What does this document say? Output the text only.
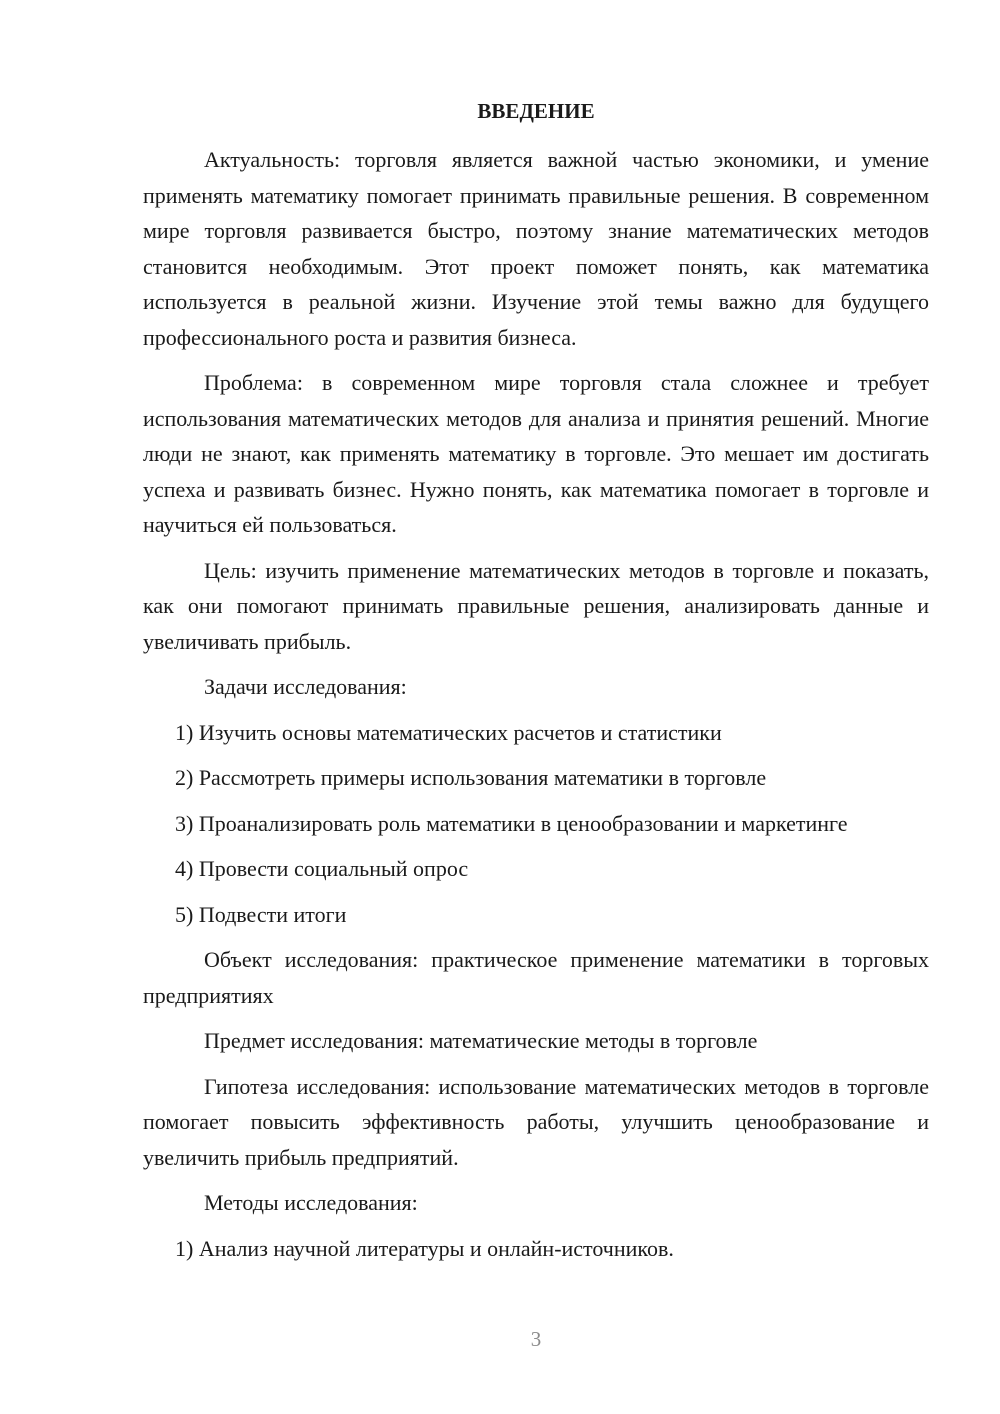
ВВЕДЕНИЕ

Актуальность: торговля является важной частью экономики, и умение применять математику помогает принимать правильные решения. В современном мире торговля развивается быстро, поэтому знание математических методов становится необходимым. Этот проект поможет понять, как математика используется в реальной жизни. Изучение этой темы важно для будущего профессионального роста и развития бизнеса.

Проблема: в современном мире торговля стала сложнее и требует использования математических методов для анализа и принятия решений. Многие люди не знают, как применять математику в торговле. Это мешает им достигать успеха и развивать бизнес. Нужно понять, как математика помогает в торговле и научиться ей пользоваться.

Цель: изучить применение математических методов в торговле и показать, как они помогают принимать правильные решения, анализировать данные и увеличивать прибыль.

Задачи исследования:

1) Изучить основы математических расчетов и статистики

2) Рассмотреть примеры использования математики в торговле

3) Проанализировать роль математики в ценообразовании и маркетинге

4) Провести социальный опрос

5) Подвести итоги

Объект исследования: практическое применение математики в торговых предприятиях

Предмет исследования: математические методы в торговле

Гипотеза исследования: использование математических методов в торговле помогает повысить эффективность работы, улучшить ценообразование и увеличить прибыль предприятий.

Методы исследования:

1) Анализ научной литературы и онлайн-источников.

3
